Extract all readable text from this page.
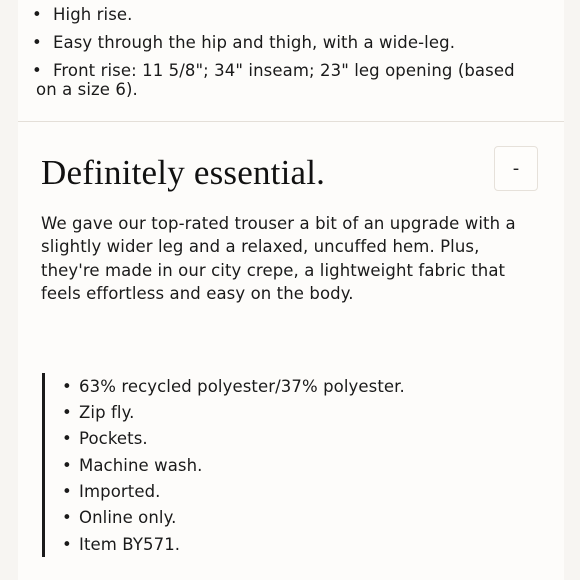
• High rise.
• Easy through the hip and thigh, with a wide-leg.
• Front rise: 11 5/8"; 34" inseam; 23" leg opening (based
on a size 6).
Definitely essential.	-

We gave our top-rated trouser a bit of an upgrade with a slightly wider leg and a relaxed, uncuffed hem. Plus, they're made in our city crepe, a lightweight fabric that feels effortless and easy on the body.

• 63% recycled polyester/37% polyester.
• Zip fly.
• Pockets.
• Machine wash.
• Imported.
• Online only.
• Item BY571.
